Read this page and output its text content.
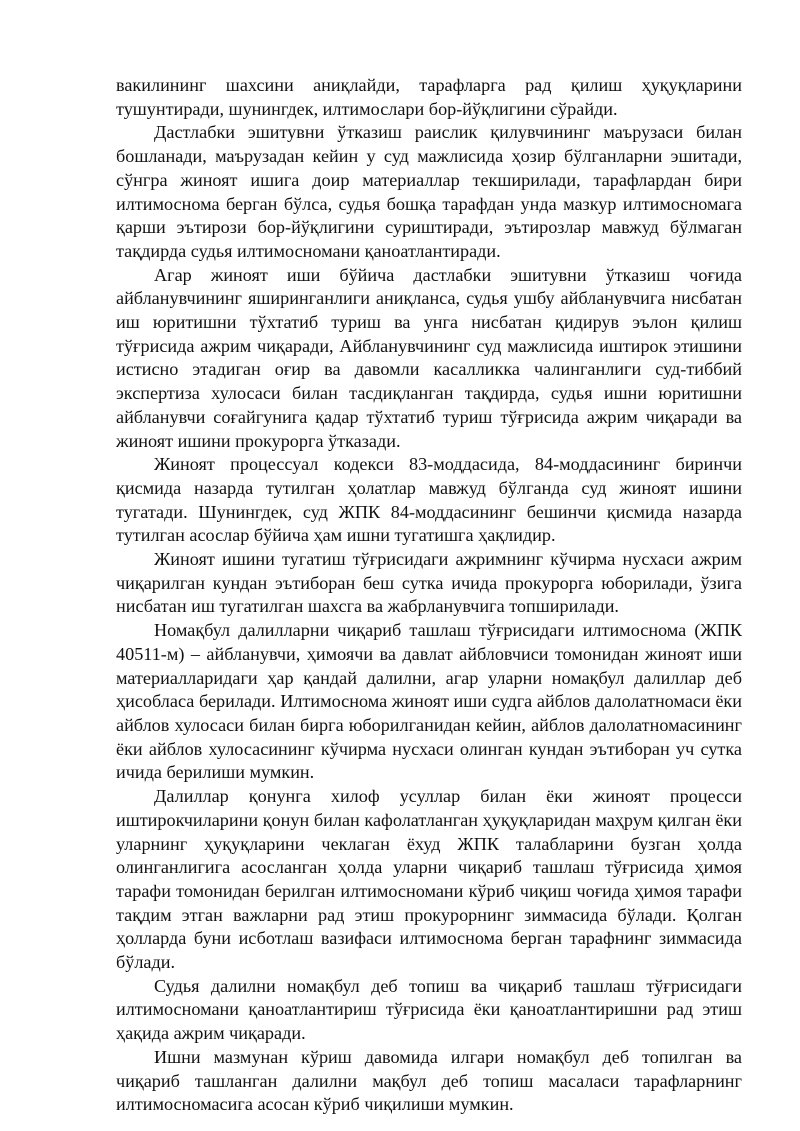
вакилининг шахсини аниқлайди, тарафларга рад қилиш ҳуқуқларини тушунтиради, шунингдек, илтимослари бор-йўқлигини сўрайди.

Дастлабки эшитувни ўтказиш раислик қилувчининг маърузаси билан бошланади, маърузадан кейин у суд мажлисида ҳозир бўлганларни эшитади, сўнгра жиноят ишига доир материаллар текширилади, тарафлардан бири илтимоснома берган бўлса, судья бошқа тарафдан унда мазкур илтимосномага қарши эътирози бор-йўқлигини суриштиради, эътирозлар мавжуд бўлмаган тақдирда судья илтимосномани қаноатлантиради.

Агар жиноят иши бўйича дастлабки эшитувни ўтказиш чоғида айбланувчининг яширинганлиги аниқланса, судья ушбу айбланувчига нисбатан иш юритишни тўхтатиб туриш ва унга нисбатан қидирув эълон қилиш тўғрисида ажрим чиқаради, Айбланувчининг суд мажлисида иштирок этишини истисно этадиган оғир ва давомли касалликка чалинганлиги суд-тиббий экспертиза хулосаси билан тасдиқланган тақдирда, судья ишни юритишни айбланувчи соғайгунига қадар тўхтатиб туриш тўғрисида ажрим чиқаради ва жиноят ишини прокурорга ўтказади.

Жиноят процессуал кодекси 83-моддасида, 84-моддасининг биринчи қисмида назарда тутилган ҳолатлар мавжуд бўлганда суд жиноят ишини тугатади. Шунингдек, суд ЖПК 84-моддасининг бешинчи қисмида назарда тутилган асослар бўйича ҳам ишни тугатишга ҳақлидир.

Жиноят ишини тугатиш тўғрисидаги ажримнинг кўчирма нусхаси ажрим чиқарилган кундан эътиборан беш сутка ичида прокурорга юборилади, ўзига нисбатан иш тугатилган шахсга ва жабрланувчига топширилади.

Номақбул далилларни чиқариб ташлаш тўғрисидаги илтимоснома (ЖПК 40511-м) – айбланувчи, ҳимоячи ва давлат айбловчиси томонидан жиноят иши материалларидаги ҳар қандай далилни, агар уларни номақбул далиллар деб ҳисобласа берилади. Илтимоснома жиноят иши судга айблов далолатномаси ёки айблов хулосаси билан бирга юборилганидан кейин, айблов далолатномасининг ёки айблов хулосасининг кўчирма нусхаси олинган кундан эътиборан уч сутка ичида берилиши мумкин.

Далиллар қонунга хилоф усуллар билан ёки жиноят процесси иштирокчиларини қонун билан кафолатланган ҳуқуқларидан маҳрум қилган ёки уларнинг ҳуқуқларини чеклаган ёхуд ЖПК талабларини бузган ҳолда олинганлигига асосланган ҳолда уларни чиқариб ташлаш тўғрисида ҳимоя тарафи томонидан берилган илтимосномани кўриб чиқиш чоғида ҳимоя тарафи тақдим этган важларни рад этиш прокурорнинг зиммасида бўлади. Қолган ҳолларда буни исботлаш вазифаси илтимоснома берган тарафнинг зиммасида бўлади.

Судья далилни номақбул деб топиш ва чиқариб ташлаш тўғрисидаги илтимосномани қаноатлантириш тўғрисида ёки қаноатлантиришни рад этиш ҳақида ажрим чиқаради.

Ишни мазмунан кўриш давомида илгари номақбул деб топилган ва чиқариб ташланган далилни мақбул деб топиш масаласи тарафларнинг илтимосномасига асосан кўриб чиқилиши мумкин.
